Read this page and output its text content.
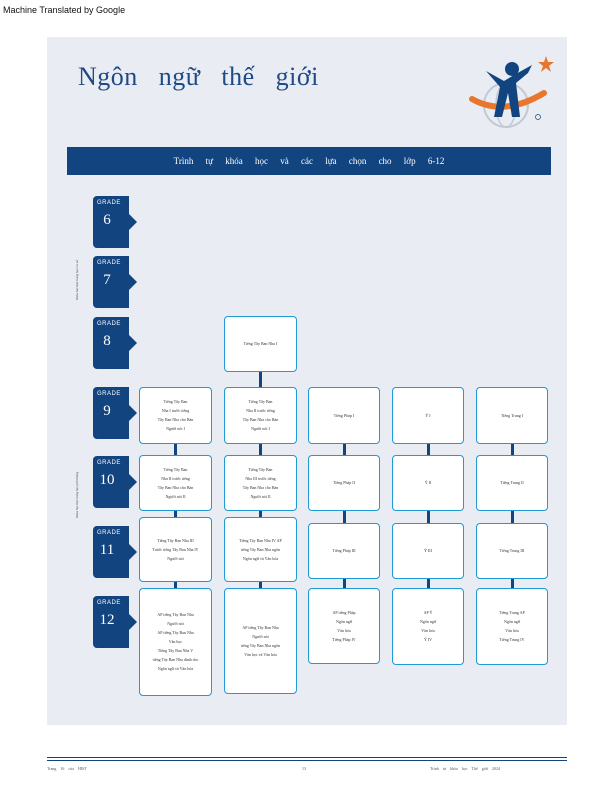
Machine Translated by Google
Ngôn ngữ thế giới
Trình tự khóa học và các lựa chọn cho lớp 6-12
GRADE
6
GRADE
7
GRADE
8
GRADE
9
GRADE
10
GRADE
11
GRADE
12
Khóa học bậc trung học cơ sở
Khóa học bậc trung học phổ thông
Tiếng Tây Ban Nha I
Tiếng Tây Ban
Nha I trước tiếng
Tây Ban Nha cho Bản
Người nói I
Tiếng Tây Ban
Nha II trước tiếng
Tây Ban Nha cho Bản
Người nói I
Tiếng Pháp I	Ý I	Tiếng Trung I
Tiếng Tây Ban
Nha II trước tiếng
Tây Ban Nha cho Bản
Người nói II
Tiếng Tây Ban
Nha III trước tiếng
Tây Ban Nha cho Bản
Người nói II
Tiếng Pháp II	Ý II	Tiếng Trung II
Tiếng Tây Ban Nha III
Trước tiếng Tây Ban Nha IV
Người nói
Tiếng Tây Ban Nha IV AP
tiếng Tây Ban Nha ngôn
Ngôn ngữ và Văn hóa
Tiếng Pháp III	Ý III	Tiếng Trung III
AP tiếng Tây Ban Nha
Người nói
AP tiếng Tây Ban Nha
Văn học
Tiếng Tây Ban Nha V
tiếng Tây Ban Nha dành cho
Ngôn ngữ và Văn hóa
AP tiếng Tây Ban Nha
Người nói
tiếng Tây Ban Nha ngôn
Văn học và Văn hóa
AP tiếng Pháp
Ngôn ngữ
Văn hóa
Tiếng Pháp IV
AP Ý
Ngôn ngữ
Văn hóa
Ý IV
Tiếng Trung AP
Ngôn ngữ
Văn hóa
Tiếng Trung IV
Trang 16 của HIST	13	Trình tự khóa học Thế giới 2024
